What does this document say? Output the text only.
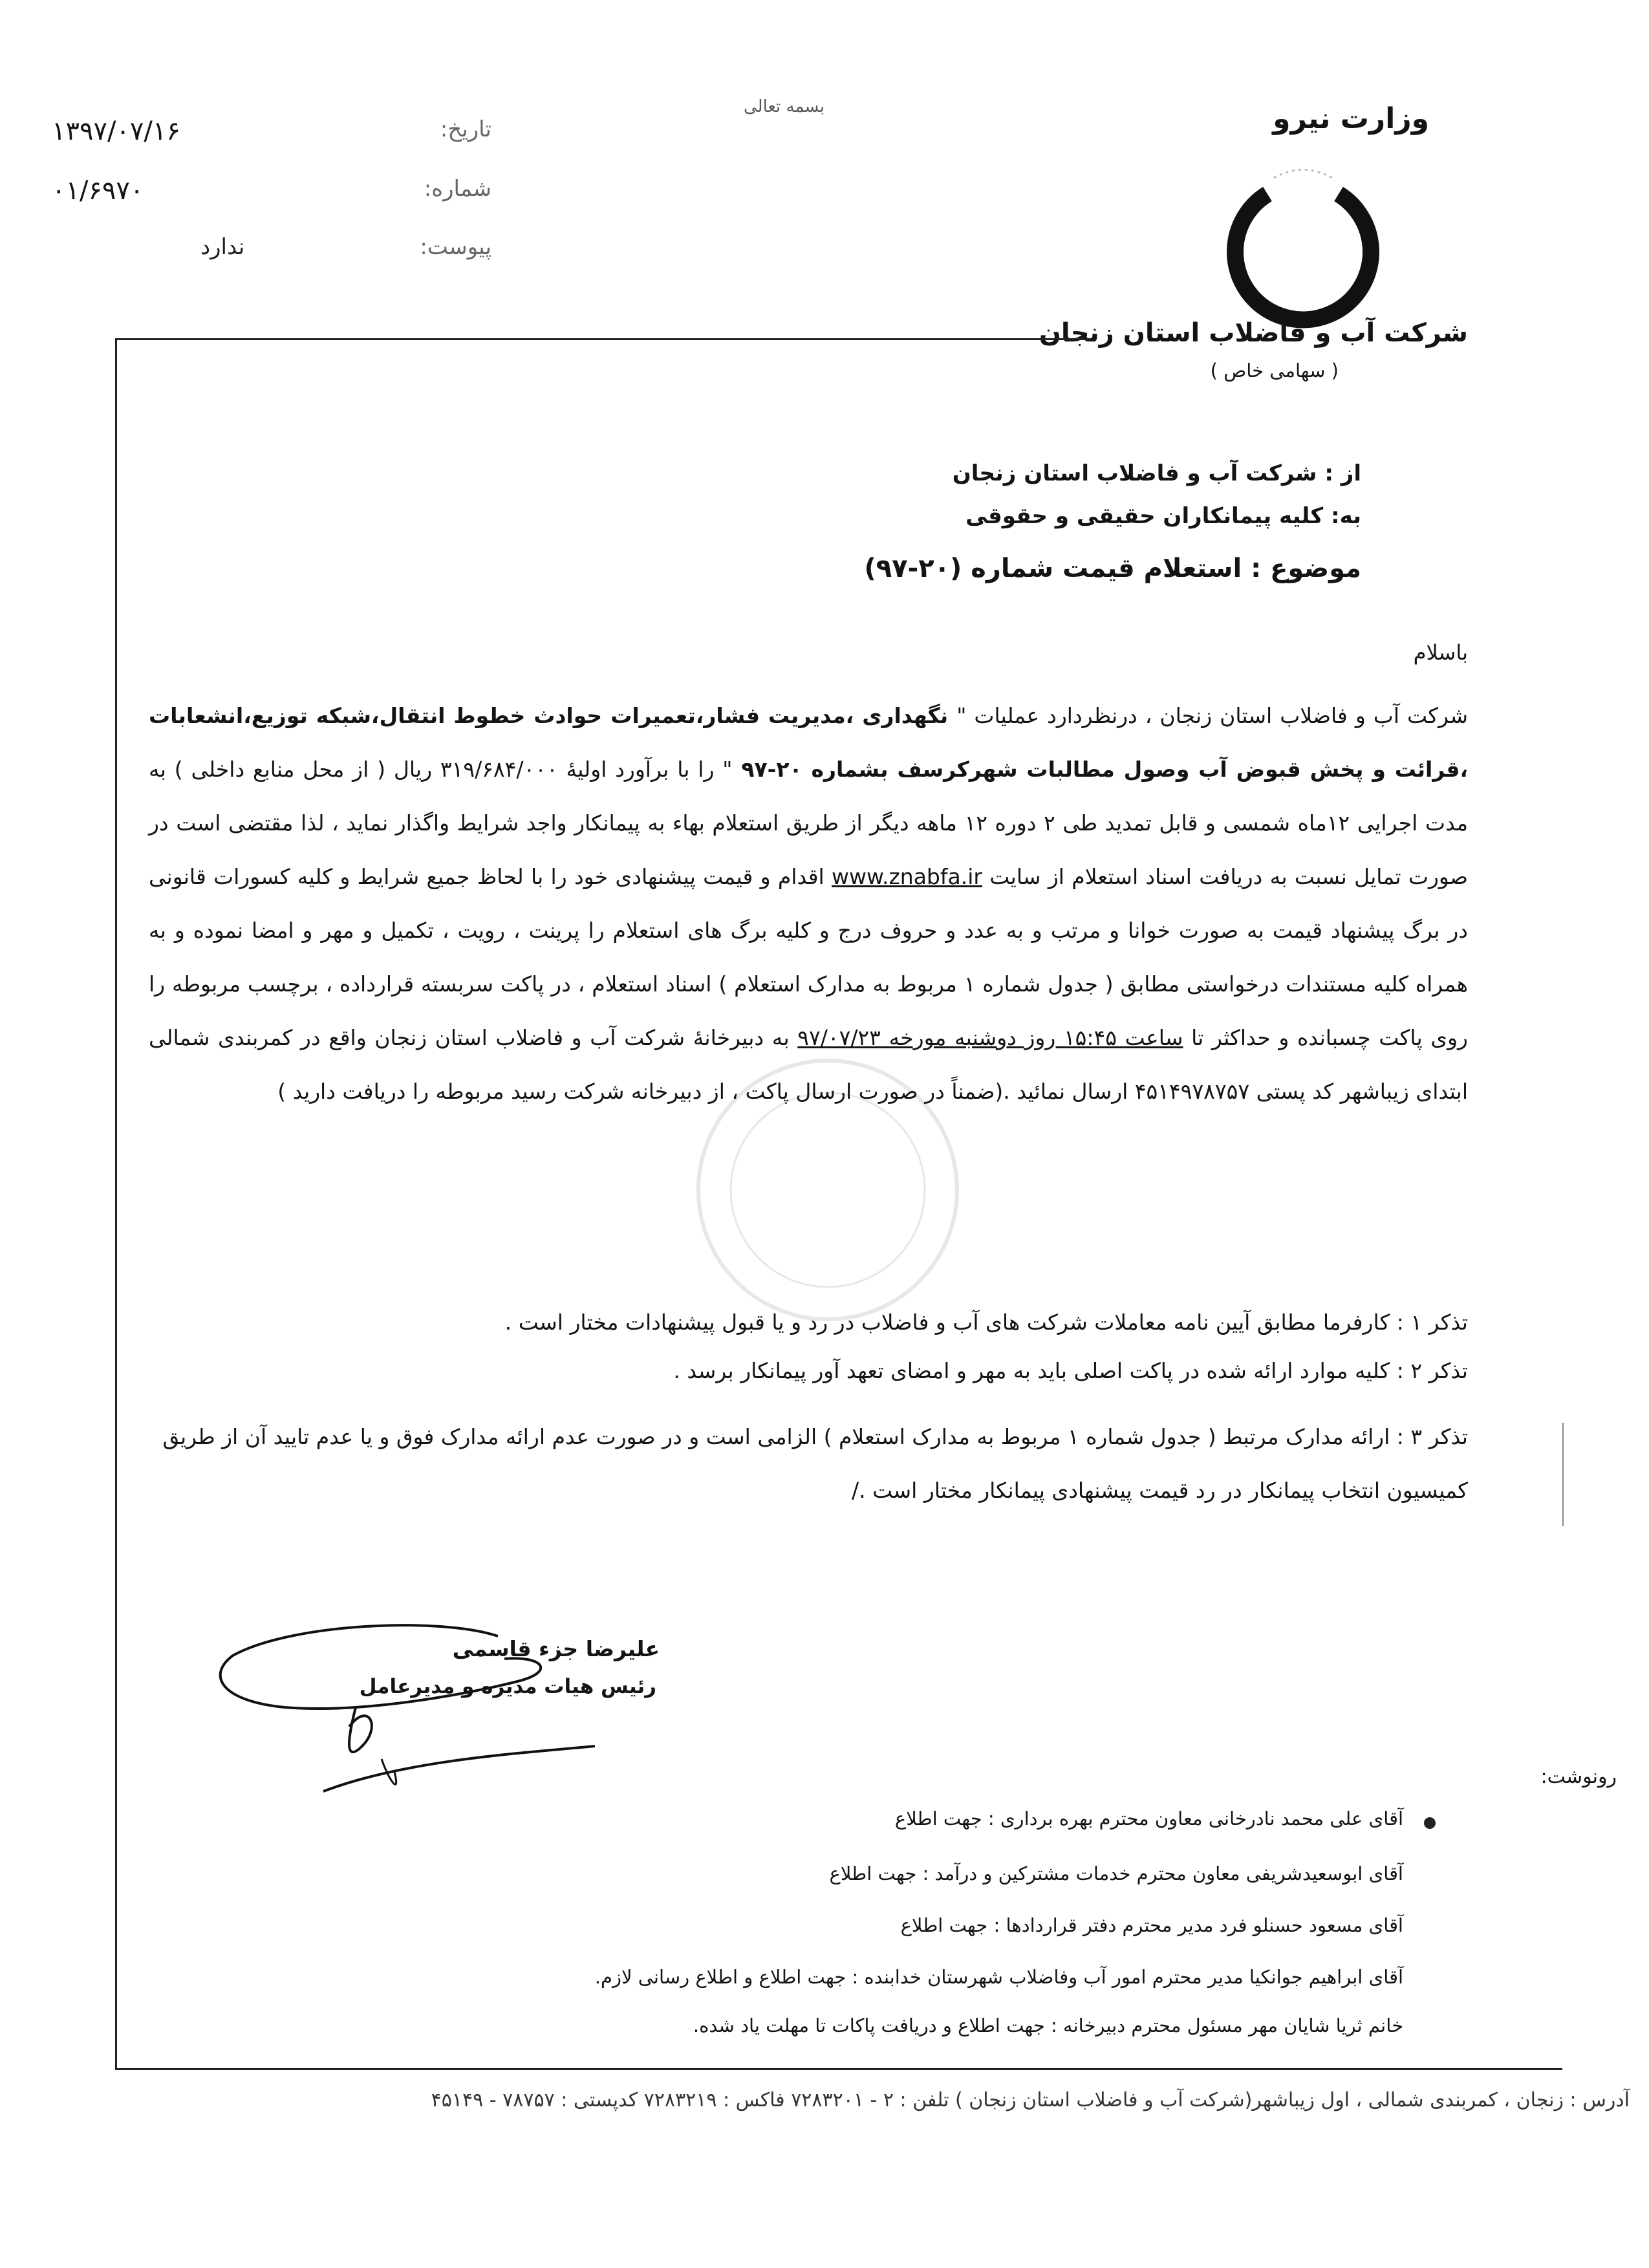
بسمه تعالی	وزارت نیرو
شرکت آب و فاضلاب استان زنجان
( سهامی خاص )
تاریخ:
۱۳۹۷/۰۷/۱۶
شماره:
۰۱/۶۹۷۰
پیوست:
ندارد
از : شرکت آب و فاضلاب استان زنجان
به: کلیه پیمانکاران حقیقی و حقوقی
موضوع : استعلام قیمت شماره (۲۰-۹۷)
باسلام
شرکت آب و فاضلاب استان زنجان ، درنظردارد عملیات " نگهداری ،مدیریت فشار،تعمیرات حوادث خطوط انتقال،شبکه توزیع،انشعابات ،قرائت و پخش قبوض آب وصول مطالبات شهرکرسف بشماره ۲۰-۹۷ " را با برآورد اولیهٔ ۳۱۹/۶۸۴/۰۰۰ ریال ( از محل منابع داخلی ) به مدت اجرایی ۱۲ماه شمسی و قابل تمدید طی ۲ دوره ۱۲ ماهه دیگر از طریق استعلام بهاء به پیمانکار واجد شرایط واگذار نماید ، لذا مقتضی است در صورت تمایل نسبت به دریافت اسناد استعلام از سایت www.znabfa.ir اقدام و قیمت پیشنهادی خود را با لحاظ جمیع شرایط و کلیه کسورات قانونی در برگ پیشنهاد قیمت به صورت خوانا و مرتب و به عدد و حروف درج و کلیه برگ های استعلام را پرینت ، رویت ، تکمیل و مهر و امضا نموده و به همراه کلیه مستندات درخواستی مطابق ( جدول شماره ۱ مربوط به مدارک استعلام ) اسناد استعلام ، در پاکت سربسته قرارداده ، برچسب مربوطه را روی پاکت چسبانده و حداکثر تا ساعت ۱۵:۴۵ روز دوشنبه مورخه ۹۷/۰۷/۲۳ به دبیرخانهٔ شرکت آب و فاضلاب استان زنجان واقع در کمربندی شمالی ابتدای زیباشهر کد پستی ۴۵۱۴۹۷۸۷۵۷ ارسال نمائید .(ضمناً در صورت ارسال پاکت ، از دبیرخانه شرکت رسید مربوطه را دریافت دارید )
تذکر ۱ : کارفرما مطابق آیین نامه معاملات شرکت های آب و فاضلاب در رد و یا قبول پیشنهادات مختار است .
تذکر ۲ : کلیه موارد ارائه شده در پاکت اصلی باید به مهر و امضای تعهد آور پیمانکار برسد .
تذکر ۳ : ارائه مدارک مرتبط ( جدول شماره ۱ مربوط به مدارک استعلام ) الزامی است و در صورت عدم ارائه مدارک فوق و یا عدم تایید آن از طریق کمیسیون انتخاب پیمانکار در رد قیمت پیشنهادی پیمانکار مختار است ./
علیرضا جزء قاسمی
رئیس هیات مدیره و مدیرعامل
رونوشت:
آقای علی محمد نادرخانی معاون محترم بهره برداری : جهت اطلاع
آقای ابوسعیدشریفی معاون محترم خدمات مشترکین و درآمد : جهت اطلاع
آقای مسعود حسنلو فرد مدیر محترم دفتر قراردادها : جهت اطلاع
آقای ابراهیم جوانکیا مدیر محترم امور آب وفاضلاب شهرستان خدابنده : جهت اطلاع و اطلاع رسانی لازم.
خانم ثریا شایان مهر مسئول محترم دبیرخانه : جهت اطلاع و دریافت پاکات تا مهلت یاد شده.
آدرس : زنجان ، کمربندی شمالی ، اول زیباشهر(شرکت آب و فاضلاب استان زنجان ) تلفن : ۲ - ۷۲۸۳۲۰۱ فاکس : ۷۲۸۳۲۱۹ کدپستی : ۷۸۷۵۷ - ۴۵۱۴۹
